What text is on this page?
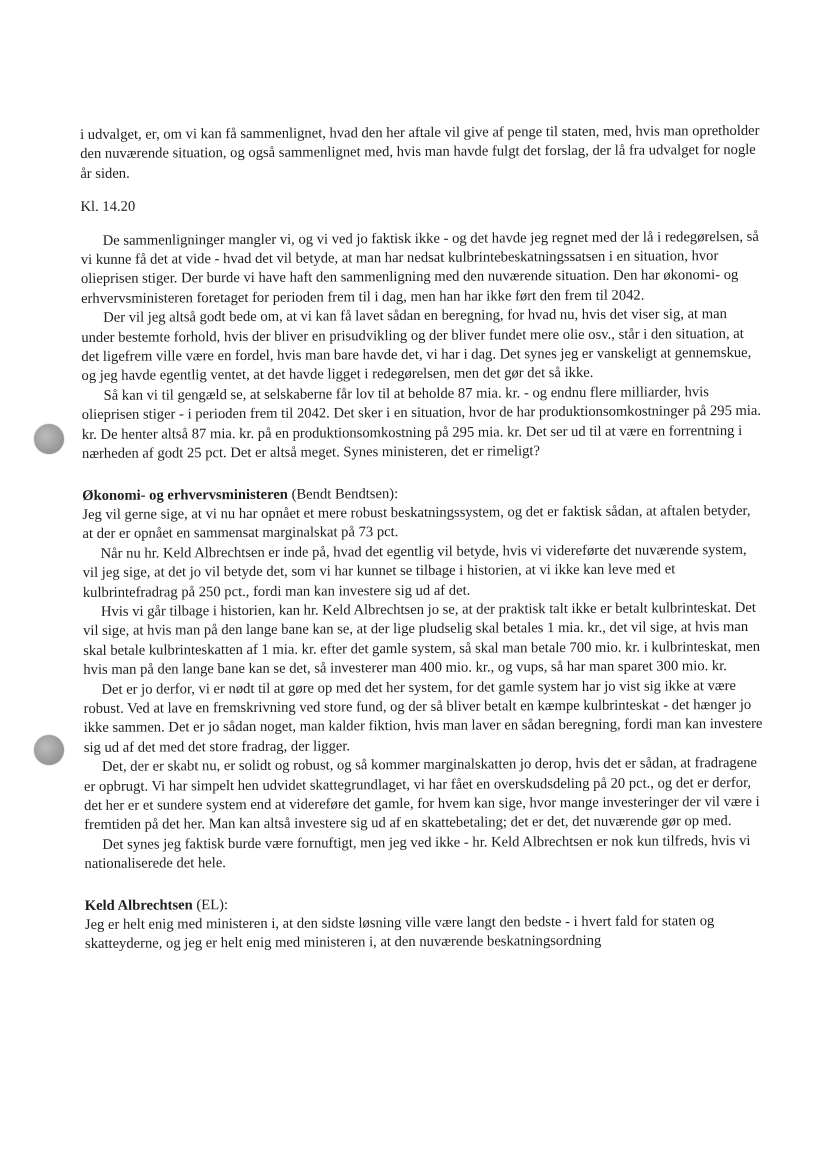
i udvalget, er, om vi kan få sammenlignet, hvad den her aftale vil give af penge til staten, med, hvis man opretholder den nuværende situation, og også sammenlignet med, hvis man havde fulgt det forslag, der lå fra udvalget for nogle år siden.

Kl. 14.20

De sammenligninger mangler vi, og vi ved jo faktisk ikke - og det havde jeg regnet med der lå i redegørelsen, så vi kunne få det at vide - hvad det vil betyde, at man har nedsat kulbrintebeskatningssatsen i en situation, hvor olieprisen stiger. Der burde vi have haft den sammenligning med den nuværende situation. Den har økonomi- og erhvervsministeren foretaget for perioden frem til i dag, men han har ikke ført den frem til 2042.

Der vil jeg altså godt bede om, at vi kan få lavet sådan en beregning, for hvad nu, hvis det viser sig, at man under bestemte forhold, hvis der bliver en prisudvikling og der bliver fundet mere olie osv., står i den situation, at det ligefrem ville være en fordel, hvis man bare havde det, vi har i dag. Det synes jeg er vanskeligt at gennemskue, og jeg havde egentlig ventet, at det havde ligget i redegørelsen, men det gør det så ikke.

Så kan vi til gengæld se, at selskaberne får lov til at beholde 87 mia. kr. - og endnu flere milliarder, hvis olieprisen stiger - i perioden frem til 2042. Det sker i en situation, hvor de har produktionsomkostninger på 295 mia. kr. De henter altså 87 mia. kr. på en produktionsomkostning på 295 mia. kr. Det ser ud til at være en forrentning i nærheden af godt 25 pct. Det er altså meget. Synes ministeren, det er rimeligt?

Økonomi- og erhvervsministeren (Bendt Bendtsen):

Jeg vil gerne sige, at vi nu har opnået et mere robust beskatningssystem, og det er faktisk sådan, at aftalen betyder, at der er opnået en sammensat marginalskat på 73 pct.

Når nu hr. Keld Albrechtsen er inde på, hvad det egentlig vil betyde, hvis vi videreførte det nuværende system, vil jeg sige, at det jo vil betyde det, som vi har kunnet se tilbage i historien, at vi ikke kan leve med et kulbrintefradrag på 250 pct., fordi man kan investere sig ud af det.

Hvis vi går tilbage i historien, kan hr. Keld Albrechtsen jo se, at der praktisk talt ikke er betalt kulbrinteskat. Det vil sige, at hvis man på den lange bane kan se, at der lige pludselig skal betales 1 mia. kr., det vil sige, at hvis man skal betale kulbrinteskatten af 1 mia. kr. efter det gamle system, så skal man betale 700 mio. kr. i kulbrinteskat, men hvis man på den lange bane kan se det, så investerer man 400 mio. kr., og vups, så har man sparet 300 mio. kr.

Det er jo derfor, vi er nødt til at gøre op med det her system, for det gamle system har jo vist sig ikke at være robust. Ved at lave en fremskrivning ved store fund, og der så bliver betalt en kæmpe kulbrinteskat - det hænger jo ikke sammen. Det er jo sådan noget, man kalder fiktion, hvis man laver en sådan beregning, fordi man kan investere sig ud af det med det store fradrag, der ligger.

Det, der er skabt nu, er solidt og robust, og så kommer marginalskatten jo derop, hvis det er sådan, at fradragene er opbrugt. Vi har simpelt hen udvidet skattegrundlaget, vi har fået en overskudsdeling på 20 pct., og det er derfor, det her er et sundere system end at videreføre det gamle, for hvem kan sige, hvor mange investeringer der vil være i fremtiden på det her. Man kan altså investere sig ud af en skattebetaling; det er det, det nuværende gør op med.

Det synes jeg faktisk burde være fornuftigt, men jeg ved ikke - hr. Keld Albrechtsen er nok kun tilfreds, hvis vi nationaliserede det hele.

Keld Albrechtsen (EL):

Jeg er helt enig med ministeren i, at den sidste løsning ville være langt den bedste - i hvert fald for staten og skatteyderne, og jeg er helt enig med ministeren i, at den nuværende beskatningsordning
